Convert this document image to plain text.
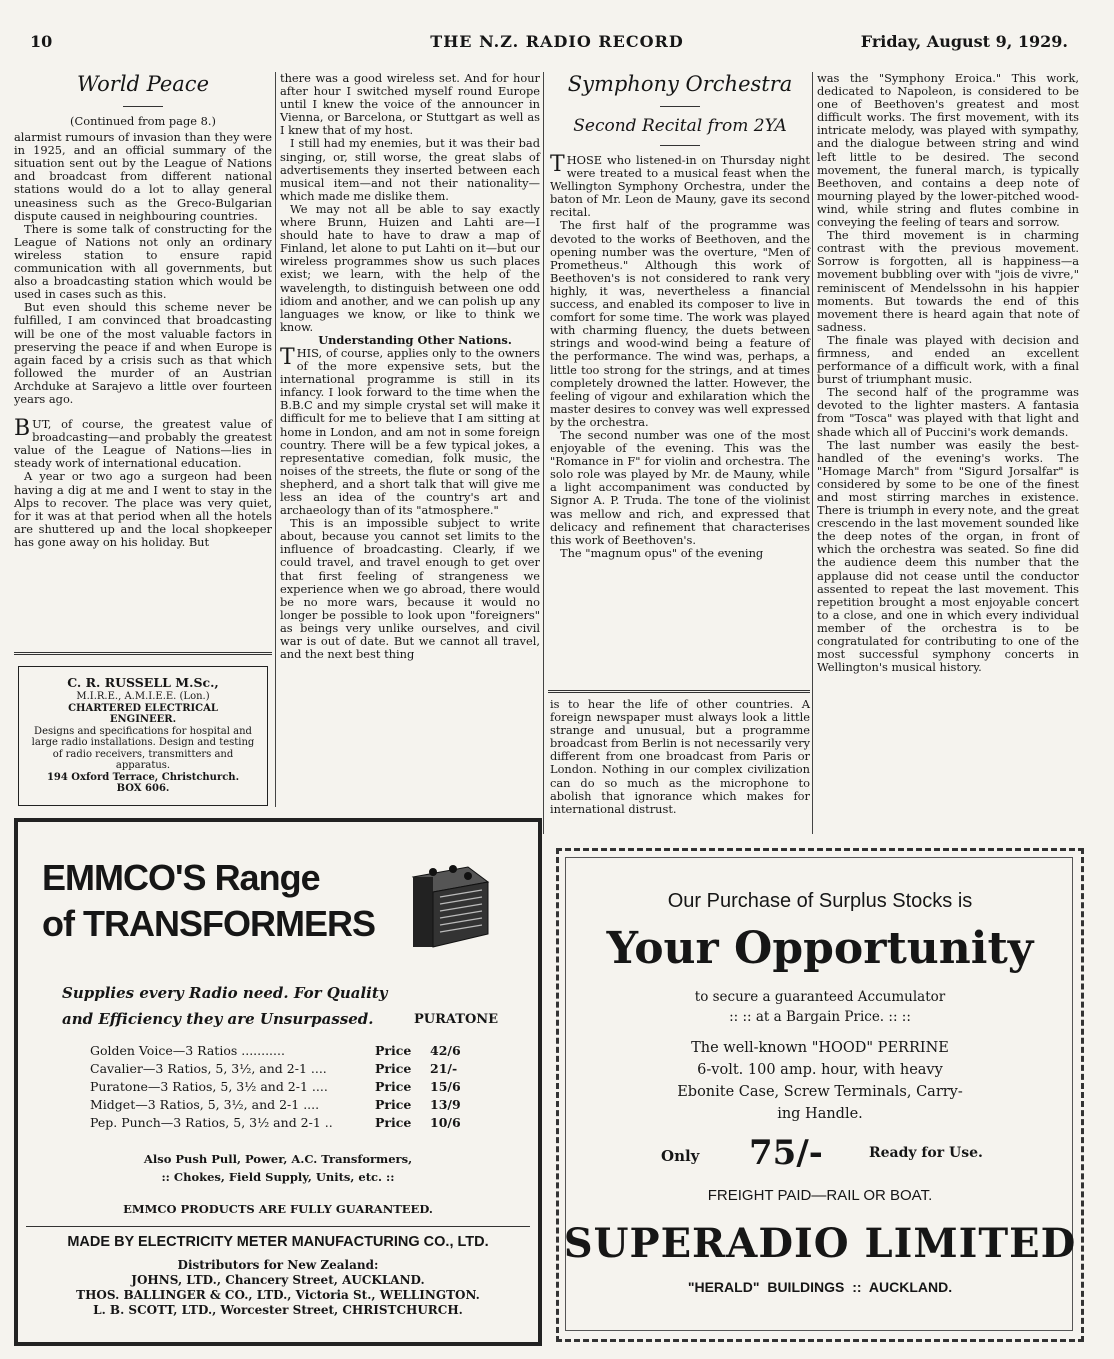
10	THE N.Z. RADIO RECORD	Friday, August 9, 1929.
World Peace

(Continued from page 8.)

alarmist rumours of invasion than they were in 1925, and an official summary of the situation sent out by the League of Nations and broadcast from different national stations would do a lot to allay general uneasiness such as the Greco-Bulgarian dispute caused in neighbouring countries.

There is some talk of constructing for the League of Nations not only an ordinary wireless station to ensure rapid communication with all governments, but also a broadcasting station which would be used in cases such as this.

But even should this scheme never be fulfilled, I am convinced that broadcasting will be one of the most valuable factors in preserving the peace if and when Europe is again faced by a crisis such as that which followed the murder of an Austrian Archduke at Sarajevo a little over fourteen years ago.

BUT, of course, the greatest value of broadcasting—and probably the greatest value of the League of Nations—lies in steady work of international education.

A year or two ago a surgeon had been having a dig at me and I went to stay in the Alps to recover. The place was very quiet, for it was at that period when all the hotels are shuttered up and the local shopkeeper has gone away on his holiday. But

C. R. RUSSELL M.Sc.,
M.I.R.E., A.M.I.E.E. (Lon.)
CHARTERED ELECTRICAL
ENGINEER.
Designs and specifications for hospital and large radio installations. Design and testing of radio receivers, transmitters and apparatus.
194 Oxford Terrace, Christchurch.
BOX 606.

there was a good wireless set. And for hour after hour I switched myself round Europe until I knew the voice of the announcer in Vienna, or Barcelona, or Stuttgart as well as I knew that of my host.

I still had my enemies, but it was their bad singing, or, still worse, the great slabs of advertisements they inserted between each musical item—and not their nationality—which made me dislike them.

We may not all be able to say exactly where Brunn, Huizen and Lahti are—I should hate to have to draw a map of Finland, let alone to put Lahti on it—but our wireless programmes show us such places exist; we learn, with the help of the wavelength, to distinguish between one odd idiom and another, and we can polish up any languages we know, or like to think we know.

Understanding Other Nations.

THIS, of course, applies only to the owners of the more expensive sets, but the international programme is still in its infancy. I look forward to the time when the B.B.C and my simple crystal set will make it difficult for me to believe that I am sitting at home in London, and am not in some foreign country. There will be a few typical jokes, a representative comedian, folk music, the noises of the streets, the flute or song of the shepherd, and a short talk that will give me less an idea of the country's art and archaeology than of its "atmosphere."

This is an impossible subject to write about, because you cannot set limits to the influence of broadcasting. Clearly, if we could travel, and travel enough to get over that first feeling of strangeness we experience when we go abroad, there would be no more wars, because it would no longer be possible to look upon "foreigners" as beings very unlike ourselves, and civil war is out of date. But we cannot all travel, and the next best thing

Symphony Orchestra
Second Recital from 2YA

THOSE who listened-in on Thursday night were treated to a musical feast when the Wellington Symphony Orchestra, under the baton of Mr. Leon de Mauny, gave its second recital.

The first half of the programme was devoted to the works of Beethoven, and the opening number was the overture, "Men of Prometheus." Although this work of Beethoven's is not considered to rank very highly, it was, nevertheless a financial success, and enabled its composer to live in comfort for some time. The work was played with charming fluency, the duets between strings and wood-wind being a feature of the performance. The wind was, perhaps, a little too strong for the strings, and at times completely drowned the latter. However, the feeling of vigour and exhilaration which the master desires to convey was well expressed by the orchestra.

The second number was one of the most enjoyable of the evening. This was the "Romance in F" for violin and orchestra. The solo role was played by Mr. de Mauny, while a light accompaniment was conducted by Signor A. P. Truda. The tone of the violinist was mellow and rich, and expressed that delicacy and refinement that characterises this work of Beethoven's.

The "magnum opus" of the evening

is to hear the life of other countries. A foreign newspaper must always look a little strange and unusual, but a programme broadcast from Berlin is not necessarily very different from one broadcast from Paris or London. Nothing in our complex civilization can do so much as the microphone to abolish that ignorance which makes for international distrust.

was the "Symphony Eroica." This work, dedicated to Napoleon, is considered to be one of Beethoven's greatest and most difficult works. The first movement, with its intricate melody, was played with sympathy, and the dialogue between string and wind left little to be desired. The second movement, the funeral march, is typically Beethoven, and contains a deep note of mourning played by the lower-pitched wood-wind, while string and flutes combine in conveying the feeling of tears and sorrow.

The third movement is in charming contrast with the previous movement. Sorrow is forgotten, all is happiness—a movement bubbling over with "jois de vivre," reminiscent of Mendelssohn in his happier moments. But towards the end of this movement there is heard again that note of sadness.

The finale was played with decision and firmness, and ended an excellent performance of a difficult work, with a final burst of triumphant music.

The second half of the programme was devoted to the lighter masters. A fantasia from "Tosca" was played with that light and shade which all of Puccini's work demands.

The last number was easily the best-handled of the evening's works. The "Homage March" from "Sigurd Jorsalfar" is considered by some to be one of the finest and most stirring marches in existence. There is triumph in every note, and the great crescendo in the last movement sounded like the deep notes of the organ, in front of which the orchestra was seated. So fine did the audience deem this number that the applause did not cease until the conductor assented to repeat the last movement. This repetition brought a most enjoyable concert to a close, and one in which every individual member of the orchestra is to be congratulated for contributing to one of the most successful symphony concerts in Wellington's musical history.

EMMCO'S Range
of TRANSFORMERS
Supplies every Radio need. For Quality
and Efficiency they are Unsurpassed.	PURATONE
Golden Voice—3 Ratios ...........	Price	42/6
Cavalier—3 Ratios, 5, 3½, and 2-1 ....	Price	21/-
Puratone—3 Ratios, 5, 3½ and 2-1 ....	Price	15/6
Midget—3 Ratios, 5, 3½, and 2-1 ....	Price	13/9
Pep. Punch—3 Ratios, 5, 3½ and 2-1 ..	Price	10/6
Also Push Pull, Power, A.C. Transformers,
:: Chokes, Field Supply, Units, etc. ::
EMMCO PRODUCTS ARE FULLY GUARANTEED.
MADE BY ELECTRICITY METER MANUFACTURING CO., LTD.
Distributors for New Zealand:
JOHNS, LTD., Chancery Street, AUCKLAND.
THOS. BALLINGER & CO., LTD., Victoria St., WELLINGTON.
L. B. SCOTT, LTD., Worcester Street, CHRISTCHURCH.
Our Purchase of Surplus Stocks is
Your Opportunity
to secure a guaranteed Accumulator
:: :: at a Bargain Price. :: ::
The well-known "HOOD" PERRINE
6-volt. 100 amp. hour, with heavy
Ebonite Case, Screw Terminals, Carry-
ing Handle.
Only 75/-	Ready for Use.
FREIGHT PAID—RAIL OR BOAT.
SUPERADIO LIMITED
"HERALD" BUILDINGS :: AUCKLAND.
